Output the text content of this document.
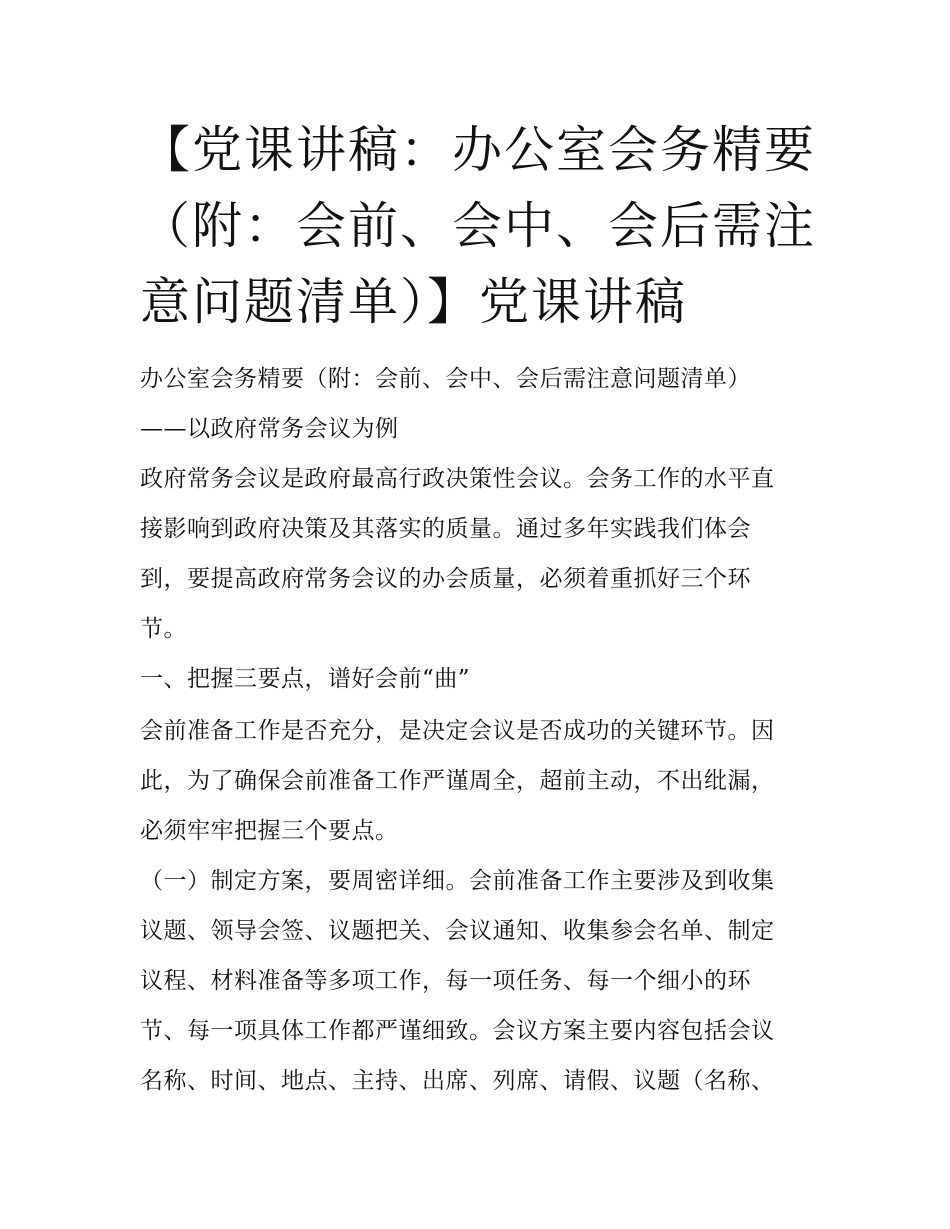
【党课讲稿：办公室会务精要
（附：会前、会中、会后需注
意问题清单）】党课讲稿

办公室会务精要（附：会前、会中、会后需注意问题清单）

——以政府常务会议为例

政府常务会议是政府最高行政决策性会议。会务工作的水平直

接影响到政府决策及其落实的质量。通过多年实践我们体会

到，要提高政府常务会议的办会质量，必须着重抓好三个环

节。

一、把握三要点，谱好会前“曲”

会前准备工作是否充分，是决定会议是否成功的关键环节。因

此，为了确保会前准备工作严谨周全，超前主动，不出纰漏，

必须牢牢把握三个要点。

（一）制定方案，要周密详细。会前准备工作主要涉及到收集

议题、领导会签、议题把关、会议通知、收集参会名单、制定

议程、材料准备等多项工作，每一项任务、每一个细小的环

节、每一项具体工作都严谨细致。会议方案主要内容包括会议

名称、时间、地点、主持、出席、列席、请假、议题（名称、
